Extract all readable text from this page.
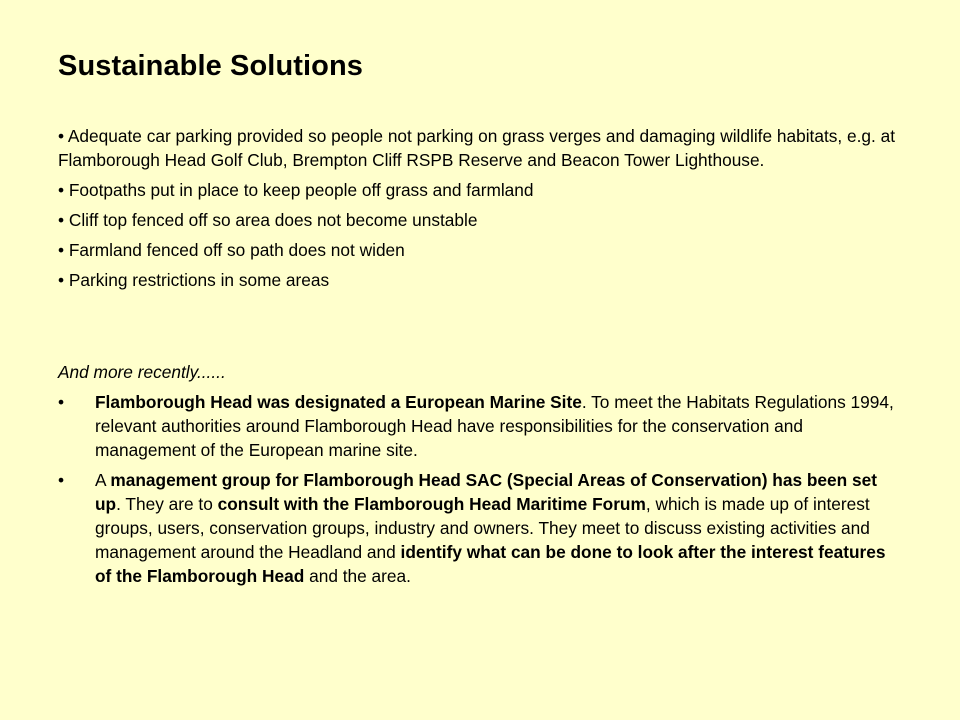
Sustainable Solutions

• Adequate car parking provided so people not parking on grass verges and damaging wildlife habitats, e.g. at Flamborough Head Golf Club, Brempton Cliff RSPB Reserve and Beacon Tower Lighthouse.

• Footpaths put in place to keep people off grass and farmland

• Cliff top fenced off so area does not become unstable

• Farmland fenced off so path does not widen

• Parking restrictions in some areas

And more recently......

• Flamborough Head was designated a European Marine Site. To meet the Habitats Regulations 1994, relevant authorities around Flamborough Head have responsibilities for the conservation and management of the European marine site.
• A management group for Flamborough Head SAC (Special Areas of Conservation) has been set up. They are to consult with the Flamborough Head Maritime Forum, which is made up of interest groups, users, conservation groups, industry and owners. They meet to discuss existing activities and management around the Headland and identify what can be done to look after the interest features of the Flamborough Head and the area.
